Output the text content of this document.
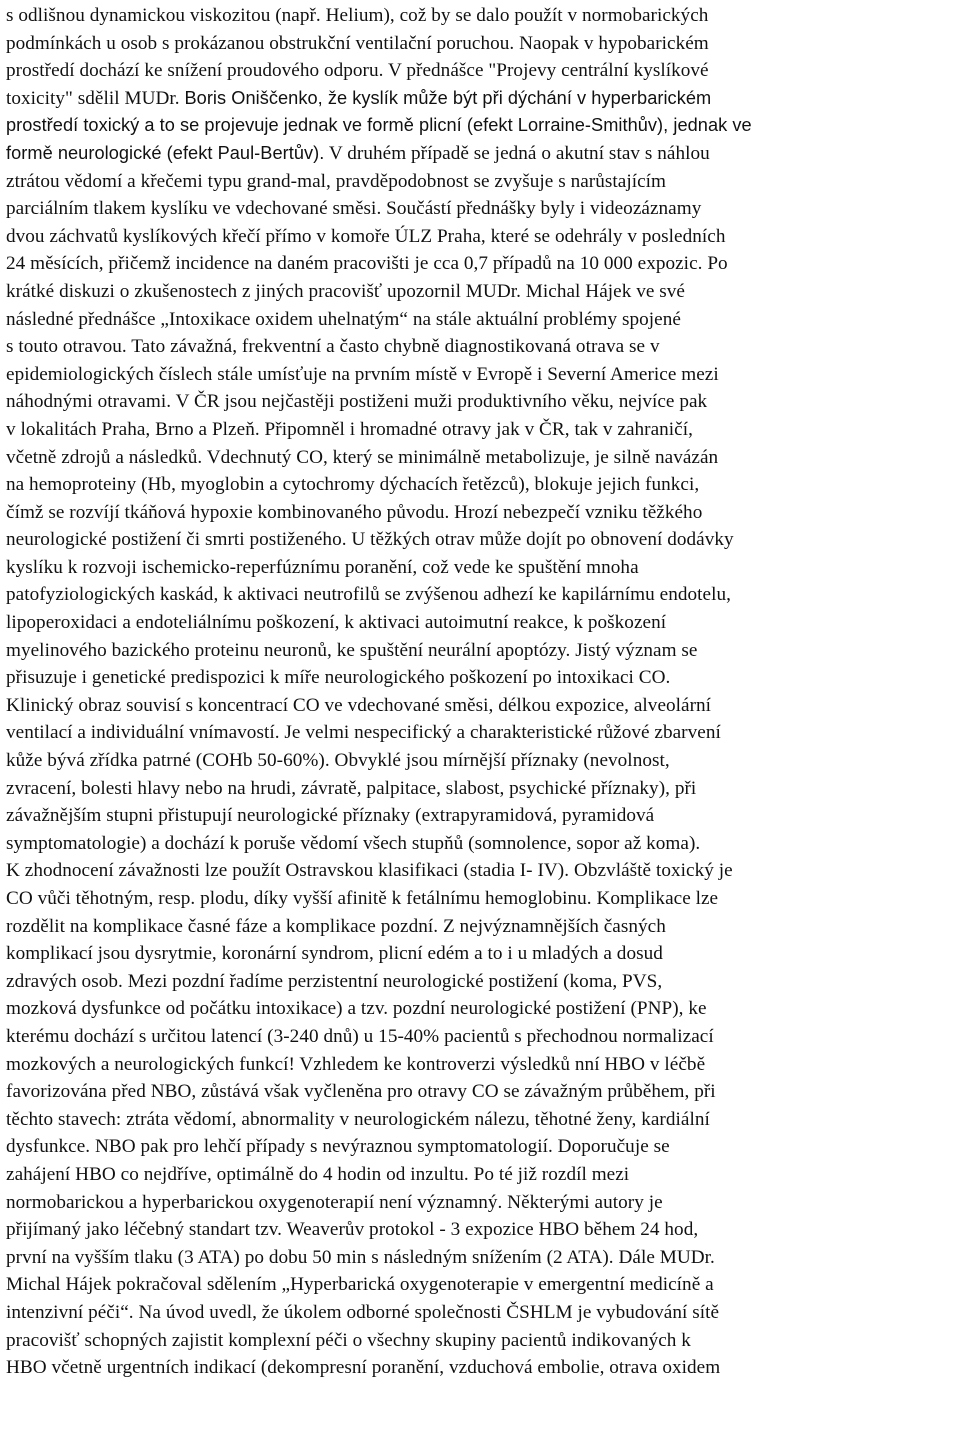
s odlišnou dynamickou viskozitou (např. Helium), což by se dalo použít v normobarických
podmínkách u osob s prokázanou obstrukční ventilační poruchou. Naopak v hypobarickém
prostředí dochází ke snížení proudového odporu. V přednášce "Projevy centrální kyslíkové
toxicity" sdělil MUDr. Boris Oniščenko, že kyslík může být při dýchání v hyperbarickém
prostředí toxický a to se projevuje jednak ve formě plicní (efekt Lorraine-Smithův), jednak ve
formě neurologické (efekt Paul-Bertův). V druhém případě se jedná o akutní stav s náhlou
ztrátou vědomí a křečemi typu grand-mal, pravděpodobnost se zvyšuje s narůstajícím
parciálním tlakem kyslíku ve vdechované směsi. Součástí přednášky byly i videozáznamy
dvou záchvatů kyslíkových křečí přímo v komoře ÚLZ Praha, které se odehrály v posledních
24 měsících, přičemž incidence na daném pracovišti je cca 0,7 případů na 10 000 expozic. Po
krátké diskuzi o zkušenostech z jiných pracovišť upozornil MUDr. Michal Hájek ve své
následné přednášce „Intoxikace oxidem uhelnatým“ na stále aktuální problémy spojené
s touto otravou. Tato závažná, frekventní a často chybně diagnostikovaná otrava se v
epidemiologických číslech stále umísťuje na prvním místě v Evropě i Severní Americe mezi
náhodnými otravami. V ČR jsou nejčastěji postiženi muži produktivního věku, nejvíce pak
v lokalitách Praha, Brno a Plzeň. Připomněl i hromadné otravy jak v ČR, tak v zahraničí,
včetně zdrojů a následků. Vdechnutý CO, který se minimálně metabolizuje, je silně navázán
na hemoproteiny (Hb, myoglobin a cytochromy dýchacích řetězců), blokuje jejich funkci,
čímž se rozvíjí tkáňová hypoxie kombinovaného původu. Hrozí nebezpečí vzniku těžkého
neurologické postižení či smrti postiženého. U těžkých otrav může dojít po obnovení dodávky
kyslíku k rozvoji ischemicko-reperfúznímu poranění, což vede ke spuštění mnoha
patofyziologických kaskád, k aktivaci neutrofilů se zvýšenou adhezí ke kapilárnímu endotelu,
lipoperoxidaci a endoteliálnímu poškození, k aktivaci autoimutní reakce, k poškození
myelinového bazického proteinu neuronů, ke spuštění neurální apoptózy. Jistý význam se
přisuzuje i genetické predispozici k míře neurologického poškození po intoxikaci CO.
Klinický obraz souvisí s koncentrací CO ve vdechované směsi, délkou expozice, alveolární
ventilací a individuální vnímavostí. Je velmi nespecifický a charakteristické růžové zbarvení
kůže bývá zřídka patrné (COHb 50-60%). Obvyklé jsou mírnější příznaky (nevolnost,
zvracení, bolesti hlavy nebo na hrudi, závratě, palpitace, slabost, psychické příznaky), při
závažnějším stupni přistupují neurologické příznaky (extrapyramidová, pyramidová
symptomatologie) a dochází k poruše vědomí všech stupňů (somnolence, sopor až koma).
K zhodnocení závažnosti lze použít Ostravskou klasifikaci (stadia I- IV). Obzvláště toxický je
CO vůči těhotným, resp. plodu, díky vyšší afinitě k fetálnímu hemoglobinu. Komplikace lze
rozdělit na komplikace časné fáze a komplikace pozdní. Z nejvýznamnějších časných
komplikací jsou dysrytmie, koronární syndrom, plicní edém a to i u mladých a dosud
zdravých osob. Mezi pozdní řadíme perzistentní neurologické postižení (koma, PVS,
mozková dysfunkce od počátku intoxikace) a tzv. pozdní neurologické postižení (PNP), ke
kterému dochází s určitou latencí (3-240 dnů) u 15-40% pacientů s přechodnou normalizací
mozkových a neurologických funkcí! Vzhledem ke kontroverzi výsledků nní HBO v léčbě
favorizována před NBO, zůstává však vyčleněna pro otravy CO se závažným průběhem, při
těchto stavech: ztráta vědomí, abnormality v neurologickém nálezu, těhotné ženy, kardiální
dysfunkce. NBO pak pro lehčí případy s nevýraznou symptomatologií. Doporučuje se
zahájení HBO co nejdříve, optimálně do 4 hodin od inzultu. Po té již rozdíl mezi
normobarickou a hyperbarickou oxygenoterapií není významný. Některými autory je
přijímaný jako léčebný standart tzv. Weaverův protokol - 3 expozice HBO během 24 hod,
první na vyšším tlaku (3 ATA) po dobu 50 min s následným snížením (2 ATA). Dále MUDr.
Michal Hájek pokračoval sdělením „Hyperbarická oxygenoterapie v emergentní medicíně a
intenzivní péči“. Na úvod uvedl, že úkolem odborné společnosti ČSHLM je vybudování sítě
pracovišť schopných zajistit komplexní péči o všechny skupiny pacientů indikovaných k
HBO včetně urgentních indikací (dekompresní poranění, vzduchová embolie, otrava oxidem
